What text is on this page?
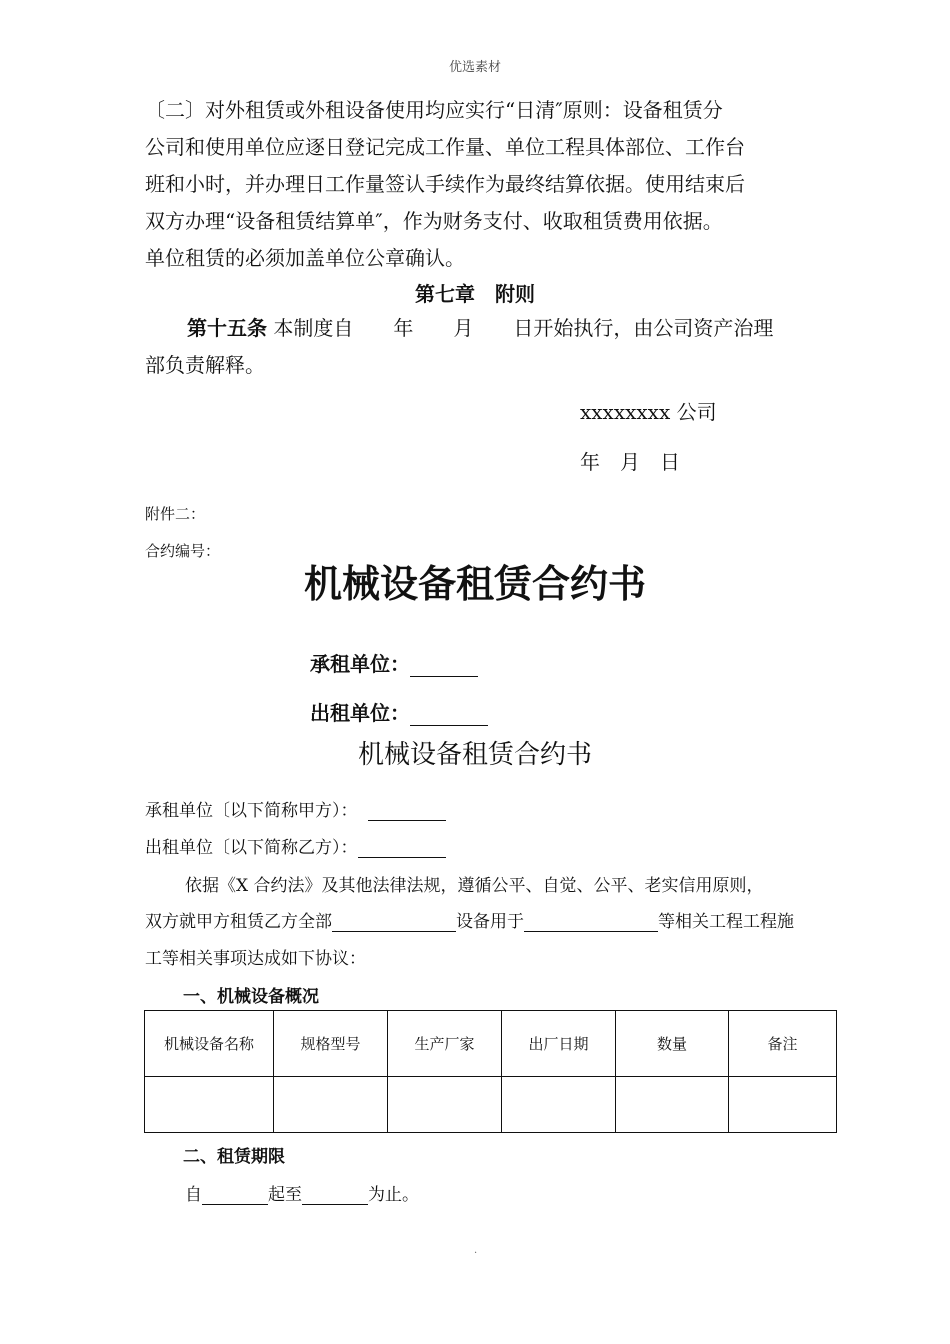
优选素材

〔二〕对外租赁或外租设备使用均应实行“日清″原则：设备租赁分

公司和使用单位应逐日登记完成工作量、单位工程具体部位、工作台

班和小时，并办理日工作量签认手续作为最终结算依据。使用结束后

双方办理“设备租赁结算单″，作为财务支付、收取租赁费用依据。

单位租赁的必须加盖单位公章确认。

第七章　附则

第十五条 本制度自　　年　　月　　日开始执行，由公司资产治理

部负责解释。

xxxxxxxx 公司
年　月　日
附件二：
合约编号：
机械设备租赁合约书
承租单位：
出租单位：
机械设备租赁合约书
承租单位〔以下简称甲方）：
出租单位〔以下简称乙方）：
依据《X 合约法》及其他法律法规，遵循公平、自觉、公平、老实信用原则，
双方就甲方租赁乙方全部	设备用于	等相关工程工程施
工等相关事项达成如下协议：
一、机械设备概况
机械设备名称	规格型号	生产厂家	出厂日期	数量	备注

二、租赁期限
自	起至	为止。
.
